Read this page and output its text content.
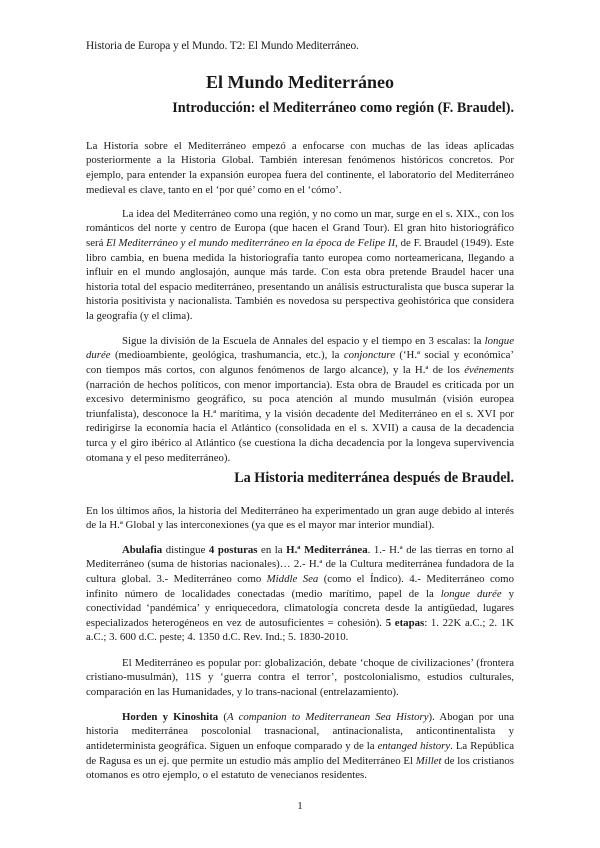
Historia de Europa y el Mundo. T2: El Mundo Mediterráneo.
El Mundo Mediterráneo
Introducción: el Mediterráneo como región (F. Braudel).

La Historia sobre el Mediterráneo empezó a enfocarse con muchas de las ideas aplicadas posteriormente a la Historia Global. También interesan fenómenos históricos concretos. Por ejemplo, para entender la expansión europea fuera del continente, el laboratorio del Mediterráneo medieval es clave, tanto en el ‘por qué’ como en el ‘cómo’.

La idea del Mediterráneo como una región, y no como un mar, surge en el s. XIX., con los románticos del norte y centro de Europa (que hacen el Grand Tour). El gran hito historiográfico será El Mediterráneo y el mundo mediterráneo en la época de Felipe II, de F. Braudel (1949). Este libro cambia, en buena medida la historiografía tanto europea como norteamericana, llegando a influir en el mundo anglosajón, aunque más tarde. Con esta obra pretende Braudel hacer una historia total del espacio mediterráneo, presentando un análisis estructuralista que busca superar la historia positivista y nacionalista. También es novedosa su perspectiva geohistórica que considera la geografía (y el clima).

Sigue la división de la Escuela de Annales del espacio y el tiempo en 3 escalas: la longue durée (medioambiente, geológica, trashumancia, etc.), la conjoncture (‘H.ª social y económica’ con tiempos más cortos, con algunos fenómenos de largo alcance), y la H.ª de los événements (narración de hechos políticos, con menor importancia). Esta obra de Braudel es criticada por un excesivo determinismo geográfico, su poca atención al mundo musulmán (visión europea triunfalista), desconoce la H.ª marítima, y la visión decadente del Mediterráneo en el s. XVI por redirigirse la economía hacia el Atlántico (consolidada en el s. XVII) a causa de la decadencia turca y el giro ibérico al Atlántico (se cuestiona la dicha decadencia por la longeva supervivencia otomana y el peso mediterráneo).

La Historia mediterránea después de Braudel.

En los últimos años, la historia del Mediterráneo ha experimentado un gran auge debido al interés de la H.ª Global y las interconexiones (ya que es el mayor mar interior mundial).

Abulafia distingue 4 posturas en la H.ª Mediterránea. 1.- H.ª de las tierras en torno al Mediterráneo (suma de historias nacionales)… 2.- H.ª de la Cultura mediterránea fundadora de la cultura global. 3.- Mediterráneo como Middle Sea (como el Índico). 4.- Mediterráneo como infinito número de localidades conectadas (medio marítimo, papel de la longue durée y conectividad ‘pandémica’ y enriquecedora, climatología concreta desde la antigüedad, lugares especializados heterogéneos en vez de autosuficientes = cohesión). 5 etapas: 1. 22K a.C.; 2. 1K a.C.; 3. 600 d.C. peste; 4. 1350 d.C. Rev. Ind.; 5. 1830-2010.

El Mediterráneo es popular por: globalización, debate ‘choque de civilizaciones’ (frontera cristiano-musulmán), 11S y ‘guerra contra el terror’, postcolonialismo, estudios culturales, comparación en las Humanidades, y lo trans-nacional (entrelazamiento).

Horden y Kinoshita (A companion to Mediterranean Sea History). Abogan por una historia mediterránea poscolonial trasnacional, antinacionalista, anticontinentalista y antideterminista geográfica. Siguen un enfoque comparado y de la entanged history. La República de Ragusa es un ej. que permite un estudio más amplio del Mediterráneo El Millet de los cristianos otomanos es otro ejemplo, o el estatuto de venecianos residentes.

1
